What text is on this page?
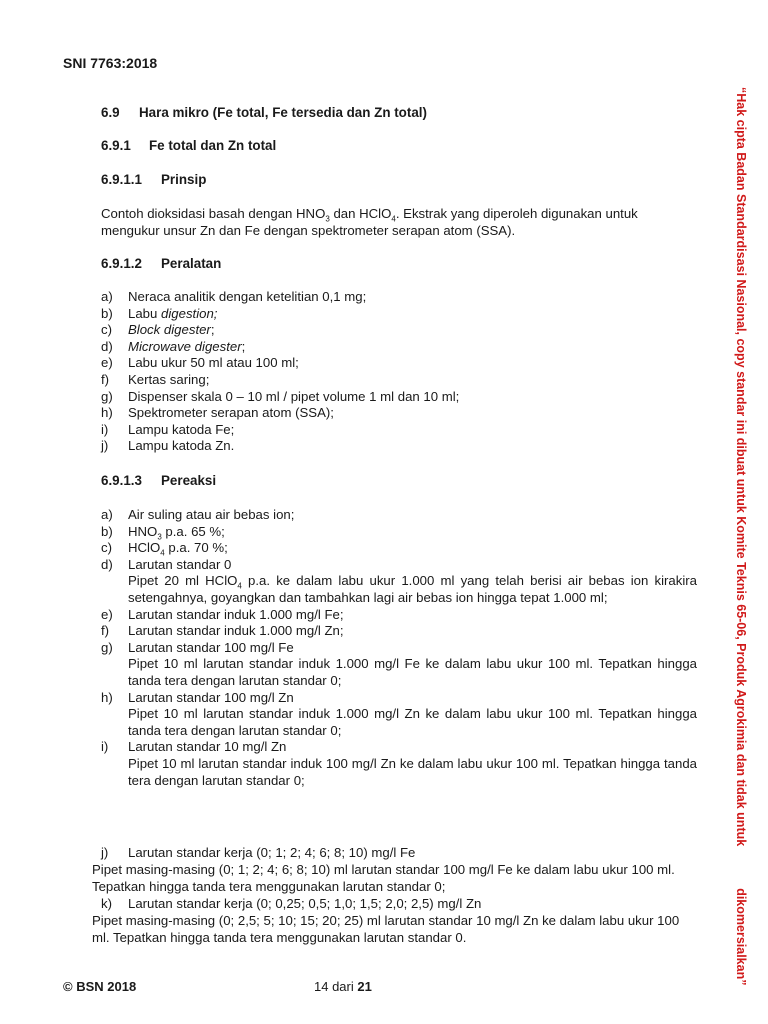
SNI 7763:2018
6.9 Hara mikro (Fe total, Fe tersedia dan Zn total)
6.9.1 Fe total dan Zn total
6.9.1.1 Prinsip
Contoh dioksidasi basah dengan $HNO_3$ dan HClO$_4$. Ekstrak yang diperoleh digunakan untuk mengukur unsur Zn dan Fe dengan spektrometer serapan atom (SSA).
6.9.1.2 Peralatan
a)	Neraca analitik dengan ketelitian 0,1 mg;
b)	Labu digestion;
c)	Block digester;
d)	Microwave digester;
e)	Labu ukur 50 ml atau 100 ml;
f)	Kertas saring;
g)	Dispenser skala 0 – 10 ml / pipet volume 1 ml dan 10 ml;
h)	Spektrometer serapan atom (SSA);
i)	Lampu katoda Fe;
j)	Lampu katoda Zn.
6.9.1.3 Pereaksi
a)	Air suling atau air bebas ion;
b)	$HNO_3$ p.a. 65 %;
c)	HClO$_4$ p.a. 70 %;
d)	Larutan standar 0
Pipet 20 ml HClO$_4$ p.a. ke dalam labu ukur 1.000 ml yang telah berisi air bebas ion kirakira setengahnya, goyangkan dan tambahkan lagi air bebas ion hingga tepat 1.000 ml;
e)	Larutan standar induk 1.000 mg/l Fe;
f)	Larutan standar induk 1.000 mg/l Zn;
g)	Larutan standar 100 mg/l Fe
Pipet 10 ml larutan standar induk 1.000 mg/l Fe ke dalam labu ukur 100 ml. Tepatkan hingga tanda tera dengan larutan standar 0;
h)	Larutan standar 100 mg/l Zn
Pipet 10 ml larutan standar induk 1.000 mg/l Zn ke dalam labu ukur 100 ml. Tepatkan hingga tanda tera dengan larutan standar 0;
i)	Larutan standar 10 mg/l Zn
Pipet 10 ml larutan standar induk 100 mg/l Zn ke dalam labu ukur 100 ml. Tepatkan hingga tanda tera dengan larutan standar 0;
j)	Larutan standar kerja (0; 1; 2; 4; 6; 8; 10) mg/l Fe
Pipet masing-masing (0; 1; 2; 4; 6; 8; 10) ml larutan standar 100 mg/l Fe ke dalam labu ukur 100 ml. Tepatkan hingga tanda tera menggunakan larutan standar 0;
k)	Larutan standar kerja (0; 0,25; 0,5; 1,0; 1,5; 2,0; 2,5) mg/l Zn
Pipet masing-masing (0; 2,5; 5; 10; 15; 20; 25) ml larutan standar 10 mg/l Zn ke dalam labu ukur 100 ml. Tepatkan hingga tanda tera menggunakan larutan standar 0.
“Hak cipta Badan Standardisasi Nasional, copy standar ini dibuat untuk Komite Teknis 65-06, Produk Agrokimia dan tidak untukdikomersialkan”
© BSN 2018	14 dari 21
